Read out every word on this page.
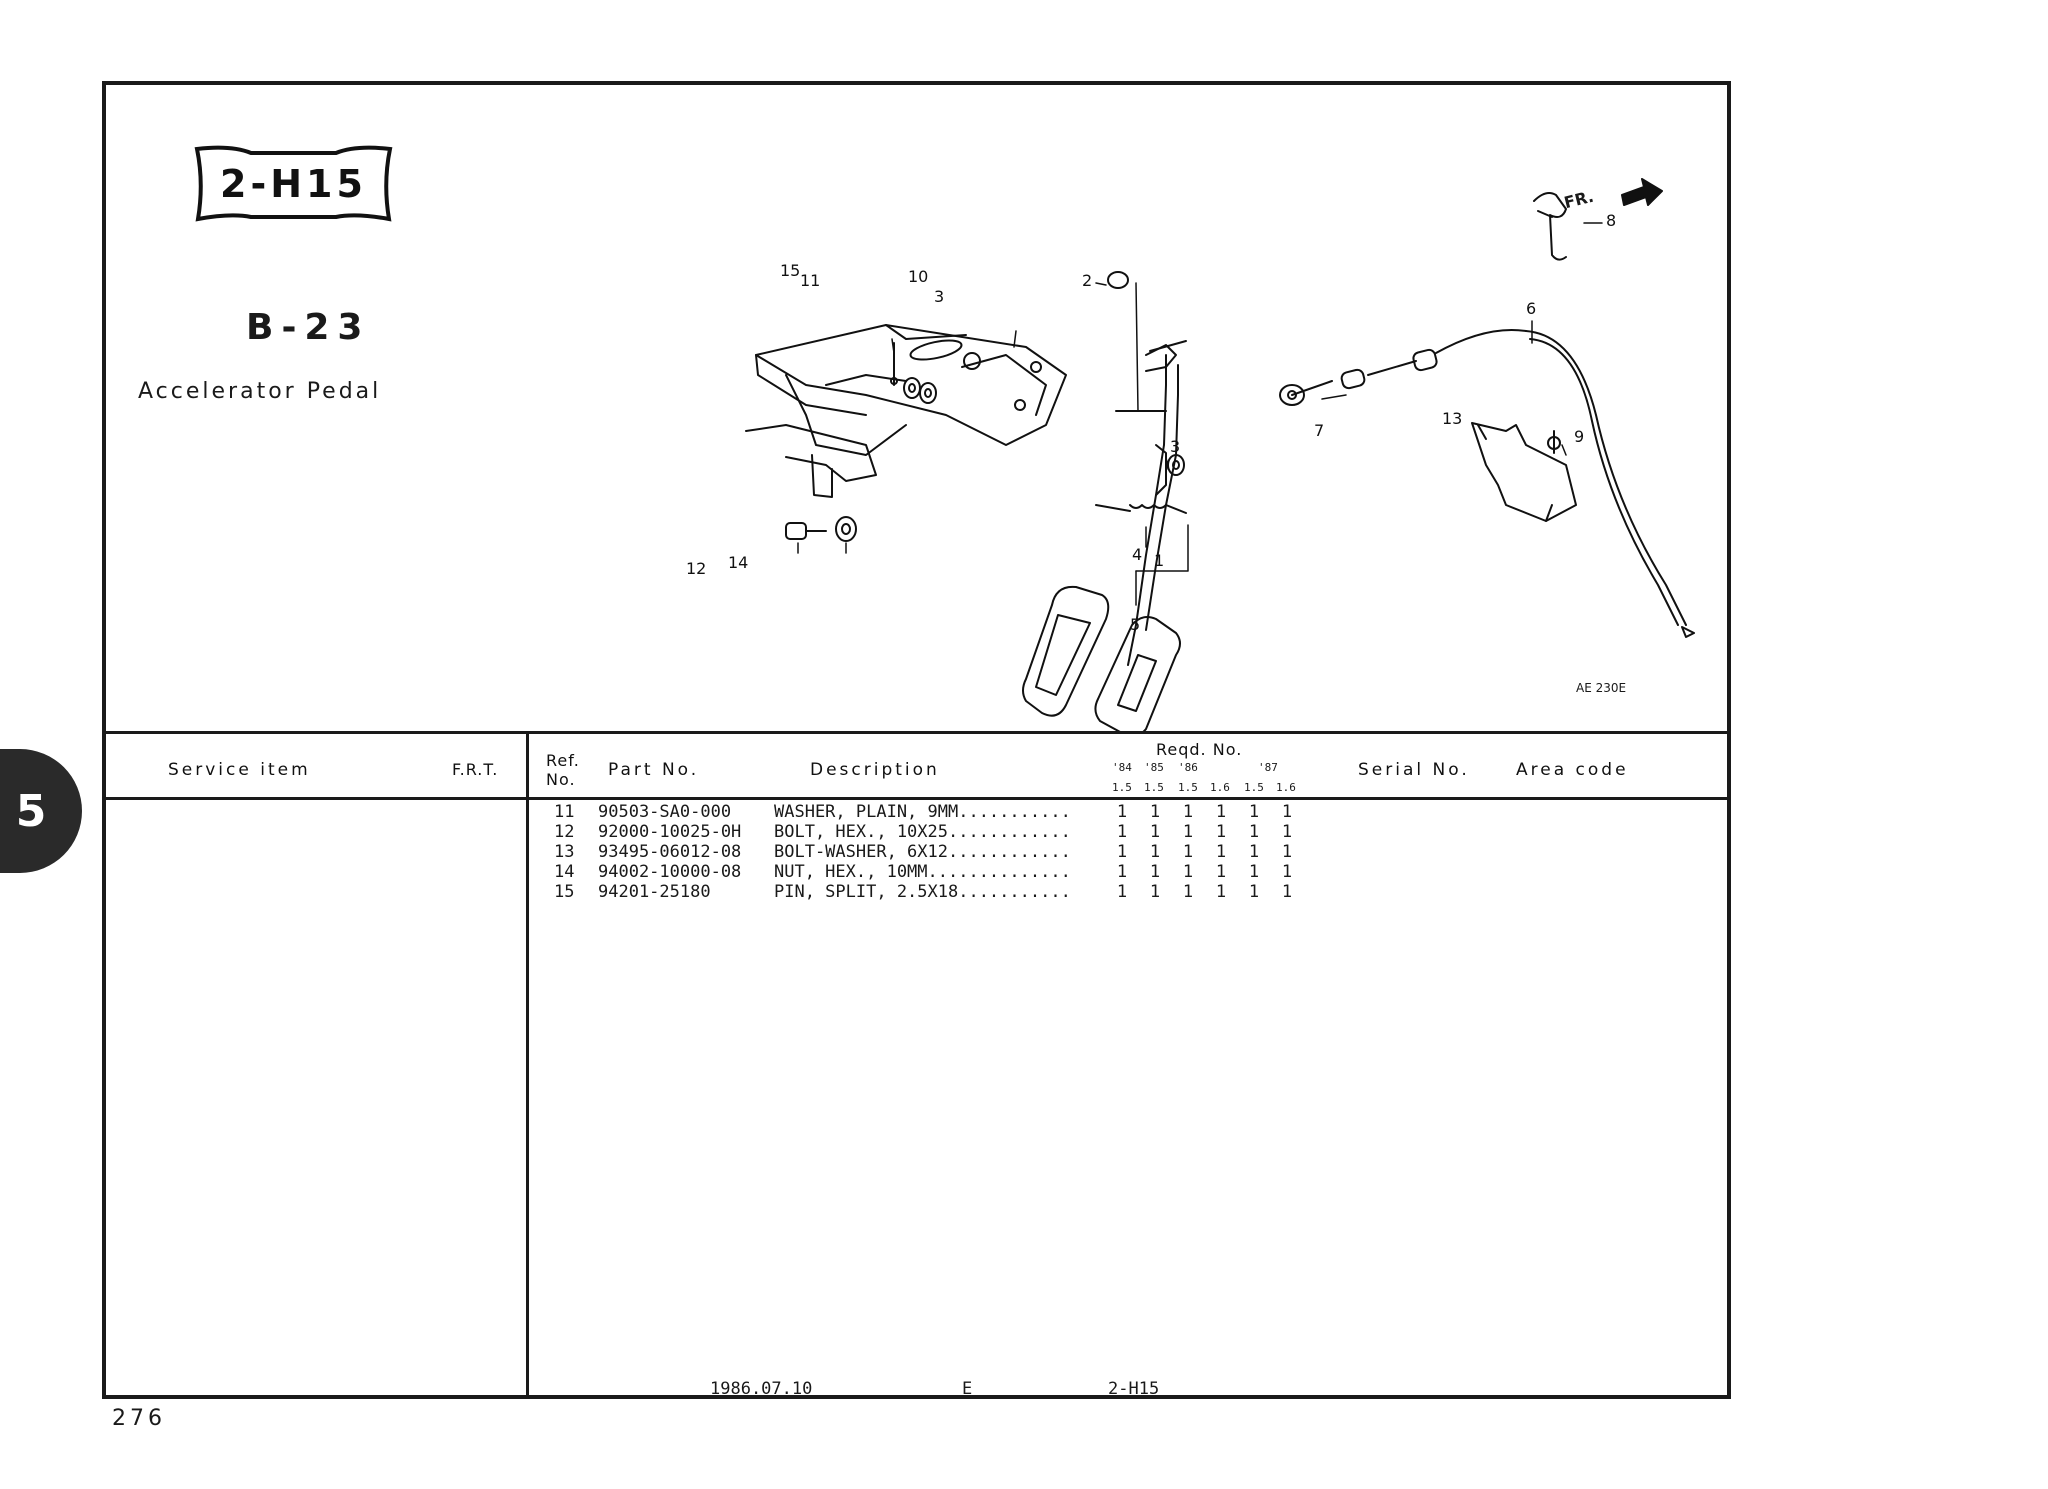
5
2-H15
B-23
Accelerator Pedal
FR.
1
2
3
3
4
5
6
7
8
9
10
11
12
13
14
15
AE 230E
Service item	F.R.T.	Ref. No.	Part No.	Description
Reqd. No.
'84 '85 '86	'87
1.5 1.5 1.5 1.6 1.5 1.6
Serial No.	Area code
11 90503-SA0-000	WASHER, PLAIN, 9MM...........	1 1 1 1 1 1
12 92000-10025-0H BOLT, HEX., 10X25............	1 1 1 1 1 1
13 93495-06012-08 BOLT-WASHER, 6X12............	1 1 1 1 1 1
14 94002-10000-08 NUT, HEX., 10MM..............	1 1 1 1 1 1
15 94201-25180	PIN, SPLIT, 2.5X18...........	1 1 1 1 1 1
1986.07.10	E	2-H15
276
